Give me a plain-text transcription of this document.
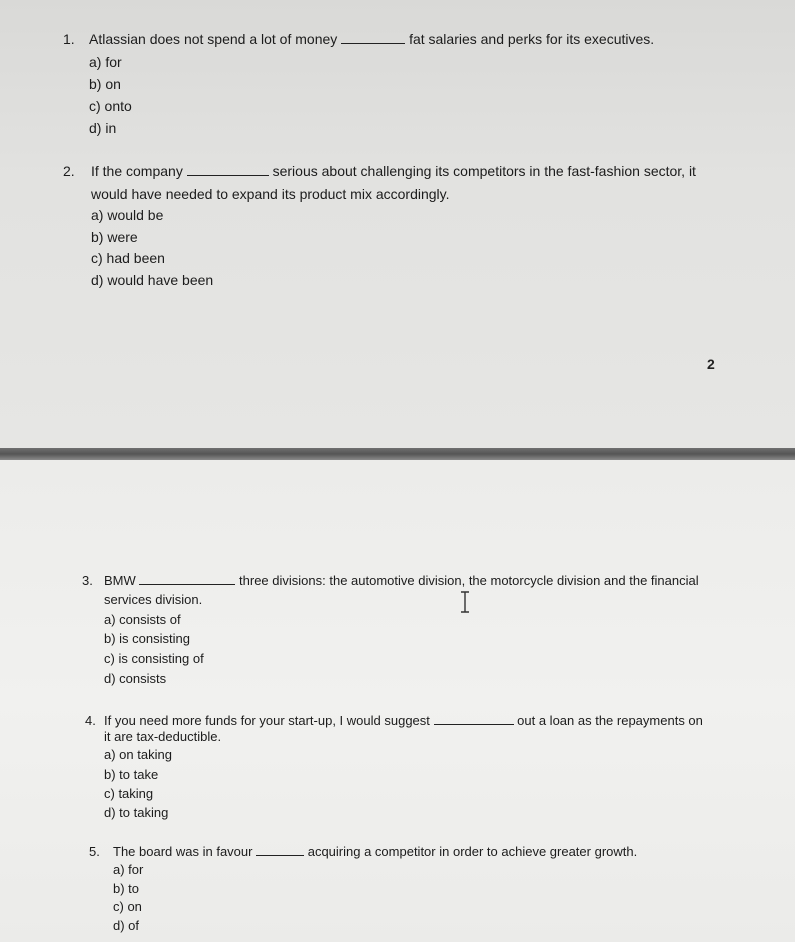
1. Atlassian does not spend a lot of money	fat salaries and perks for its executives.
a) for
b) on
c) onto
d) in
2. If the company	serious about challenging its competitors in the fast-fashion sector, it
would have needed to expand its product mix accordingly.
a) would be
b) were
c) had been
d) would have been
2
3. BMW	three divisions: the automotive division, the motorcycle division and the financial
services division.
a) consists of
b) is consisting
c) is consisting of
d) consists
4. If you need more funds for your start-up, I would suggest	out a loan as the repayments on
it are tax-deductible.
a) on taking
b) to take
c) taking
d) to taking
5. The board was in favour	acquiring a competitor in order to achieve greater growth.
a) for
b) to
c) on
d) of
